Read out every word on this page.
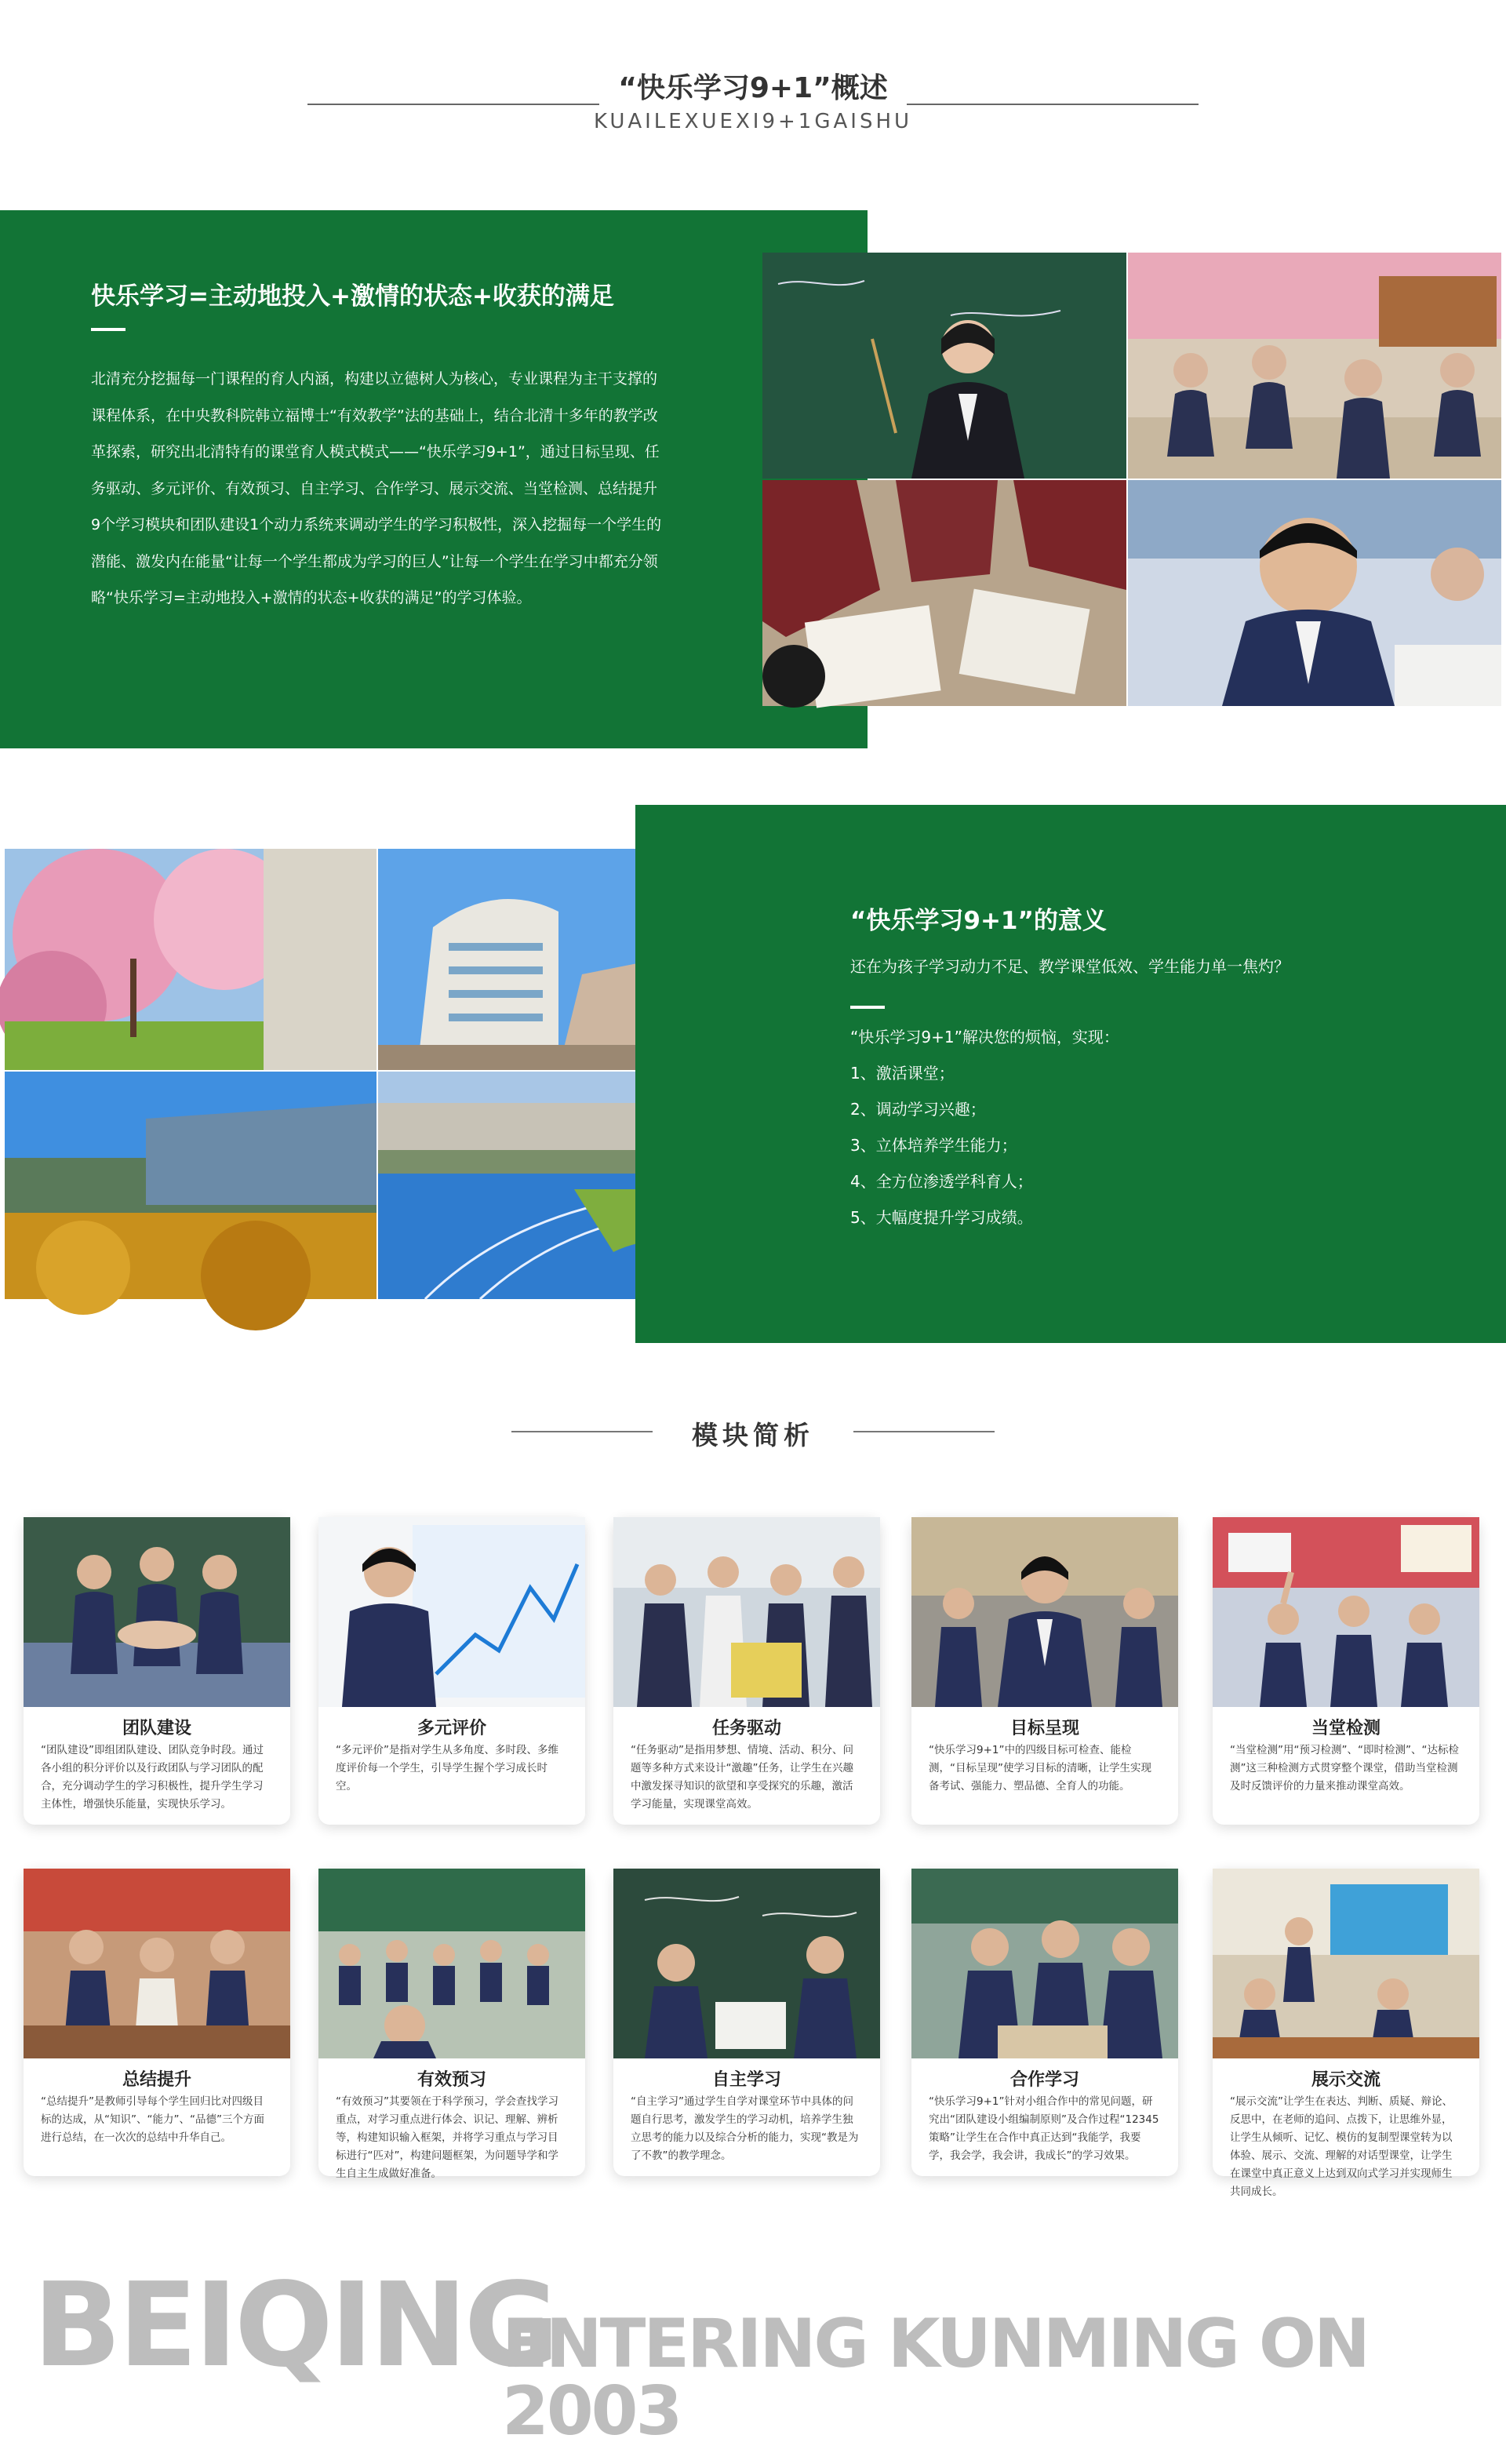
“快乐学习9+1”概述
KUAILEXUEXI9+1GAISHU
快乐学习=主动地投入+激情的状态+收获的满足
北清充分挖掘每一门课程的育人内涵，构建以立德树人为核心，专业课程为主干支撑的课程体系，在中央教科院韩立福博士“有效教学”法的基础上，结合北清十多年的教学改革探索，研究出北清特有的课堂育人模式模式——“快乐学习9+1”，通过目标呈现、任务驱动、多元评价、有效预习、自主学习、合作学习、展示交流、当堂检测、总结提升9个学习模块和团队建设1个动力系统来调动学生的学习积极性，深入挖掘每一个学生的潜能、激发内在能量“让每一个学生都成为学习的巨人”让每一个学生在学习中都充分领略“快乐学习=主动地投入+激情的状态+收获的满足”的学习体验。
“快乐学习9+1”的意义
还在为孩子学习动力不足、教学课堂低效、学生能力单一焦灼？
“快乐学习9+1”解决您的烦恼，实现：
1、激活课堂；
2、调动学习兴趣；
3、立体培养学生能力；
4、全方位渗透学科育人；
5、大幅度提升学习成绩。
模块简析
团队建设
“团队建设”即组团队建设、团队竞争时段。通过各小组的积分评价以及行政团队与学习团队的配合，充分调动学生的学习积极性，提升学生学习主体性，增强快乐能量，实现快乐学习。
多元评价
“多元评价”是指对学生从多角度、多时段、多维度评价每一个学生，引导学生握个学习成长时空。
任务驱动
“任务驱动”是指用梦想、情境、活动、积分、问题等多种方式来设计“激趣”任务，让学生在兴趣中激发探寻知识的欲望和享受探究的乐趣，激活学习能量，实现课堂高效。
目标呈现
“快乐学习9+1”中的四级目标可检查、能检测，“目标呈现”使学习目标的清晰，让学生实现备考试、强能力、塑品德、全育人的功能。
当堂检测
“当堂检测”用“预习检测”、“即时检测”、“达标检测”这三种检测方式贯穿整个课堂，借助当堂检测及时反馈评价的力量来推动课堂高效。
总结提升
“总结提升”是教师引导每个学生回归比对四级目标的达成，从“知识”、“能力”、“品德”三个方面进行总结，在一次次的总结中升华自己。
有效预习
“有效预习”其要领在于科学预习，学会查找学习重点，对学习重点进行体会、识记、理解、辨析等，构建知识输入框架，并将学习重点与学习目标进行“匹对”，构建问题框架，为问题导学和学生自主生成做好准备。
自主学习
“自主学习”通过学生自学对课堂环节中具体的问题自行思考，激发学生的学习动机，培养学生独立思考的能力以及综合分析的能力，实现“教是为了不教”的教学理念。
合作学习
“快乐学习9+1”针对小组合作中的常见问题，研究出“团队建设小组编制原则”及合作过程“12345策略”让学生在合作中真正达到“我能学，我要学，我会学，我会讲，我成长”的学习效果。
展示交流
“展示交流”让学生在表达、判断、质疑、辩论、反思中，在老师的追问、点拨下，让思维外显，让学生从倾听、记忆、模仿的复制型课堂转为以体验、展示、交流、理解的对话型课堂，让学生在课堂中真正意义上达到双向式学习并实现师生共同成长。
BEIQING
ENTERING KUNMING ON 2003
